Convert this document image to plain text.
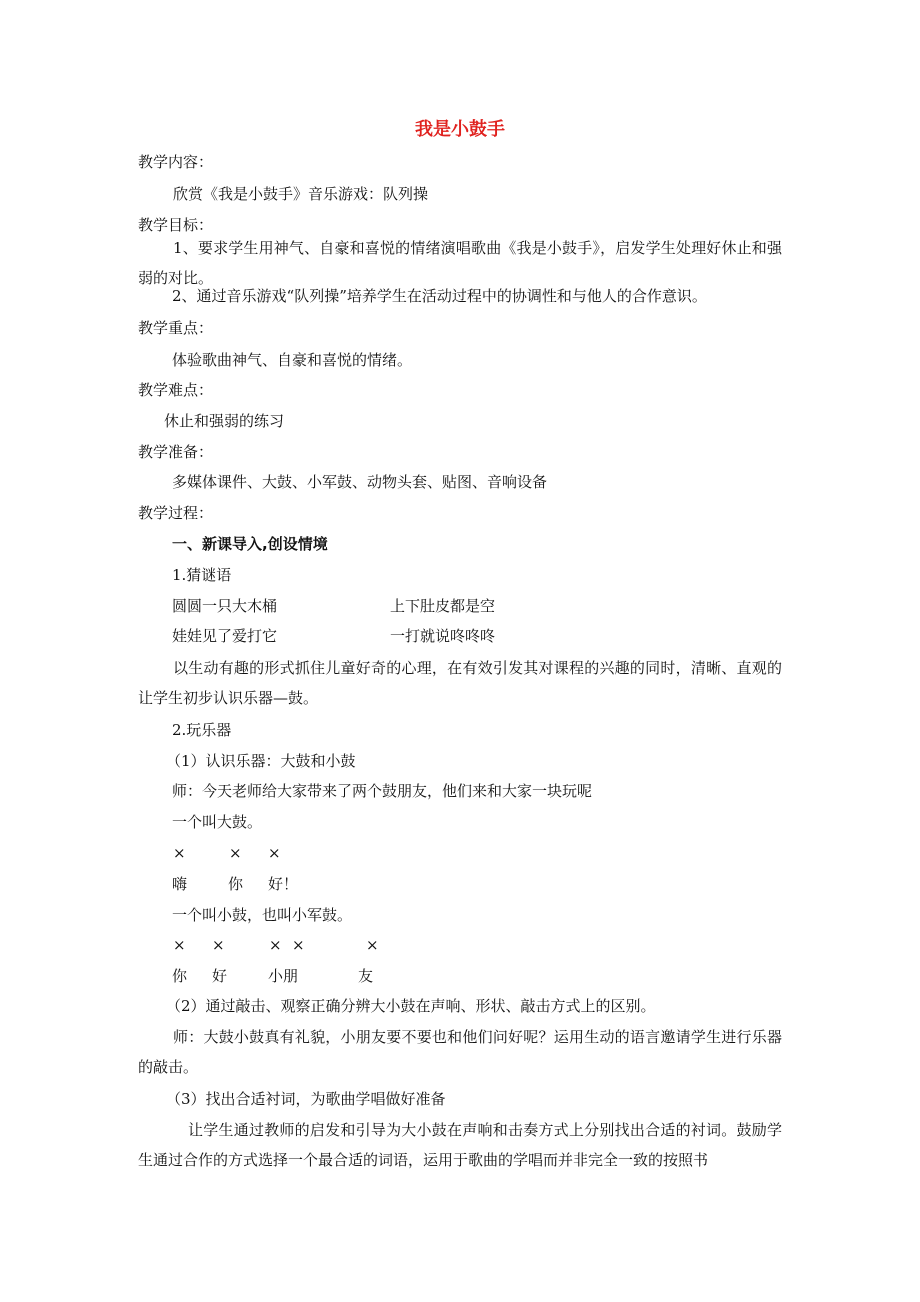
我是小鼓手
教学内容：
欣赏《我是小鼓手》音乐游戏：队列操
教学目标：
1、要求学生用神气、自豪和喜悦的情绪演唱歌曲《我是小鼓手》，启发学生处理好休止和强弱的对比。
2、通过音乐游戏“队列操”培养学生在活动过程中的协调性和与他人的合作意识。
教学重点：
体验歌曲神气、自豪和喜悦的情绪。
教学难点：
休止和强弱的练习
教学准备：
多媒体课件、大鼓、小军鼓、动物头套、贴图、音响设备
教学过程：
一、新课导入,创设情境
1.猜谜语
圆圆一只大木桶	上下肚皮都是空
娃娃见了爱打它	一打就说咚咚咚
以生动有趣的形式抓住儿童好奇的心理，在有效引发其对课程的兴趣的同时，清晰、直观的让学生初步认识乐器—鼓。
2.玩乐器
（1）认识乐器：大鼓和小鼓
师：今天老师给大家带来了两个鼓朋友，他们来和大家一块玩呢
一个叫大鼓。
×	× ×
嗨	你 好！
一个叫小鼓，也叫小军鼓。
× ×	× ×	×
你 好	小朋	友
（2）通过敲击、观察正确分辨大小鼓在声响、形状、敲击方式上的区别。
师：大鼓小鼓真有礼貌，小朋友要不要也和他们问好呢？运用生动的语言邀请学生进行乐器的敲击。
（3）找出合适衬词，为歌曲学唱做好准备
让学生通过教师的启发和引导为大小鼓在声响和击奏方式上分别找出合适的衬词。鼓励学生通过合作的方式选择一个最合适的词语，运用于歌曲的学唱而并非完全一致的按照书
